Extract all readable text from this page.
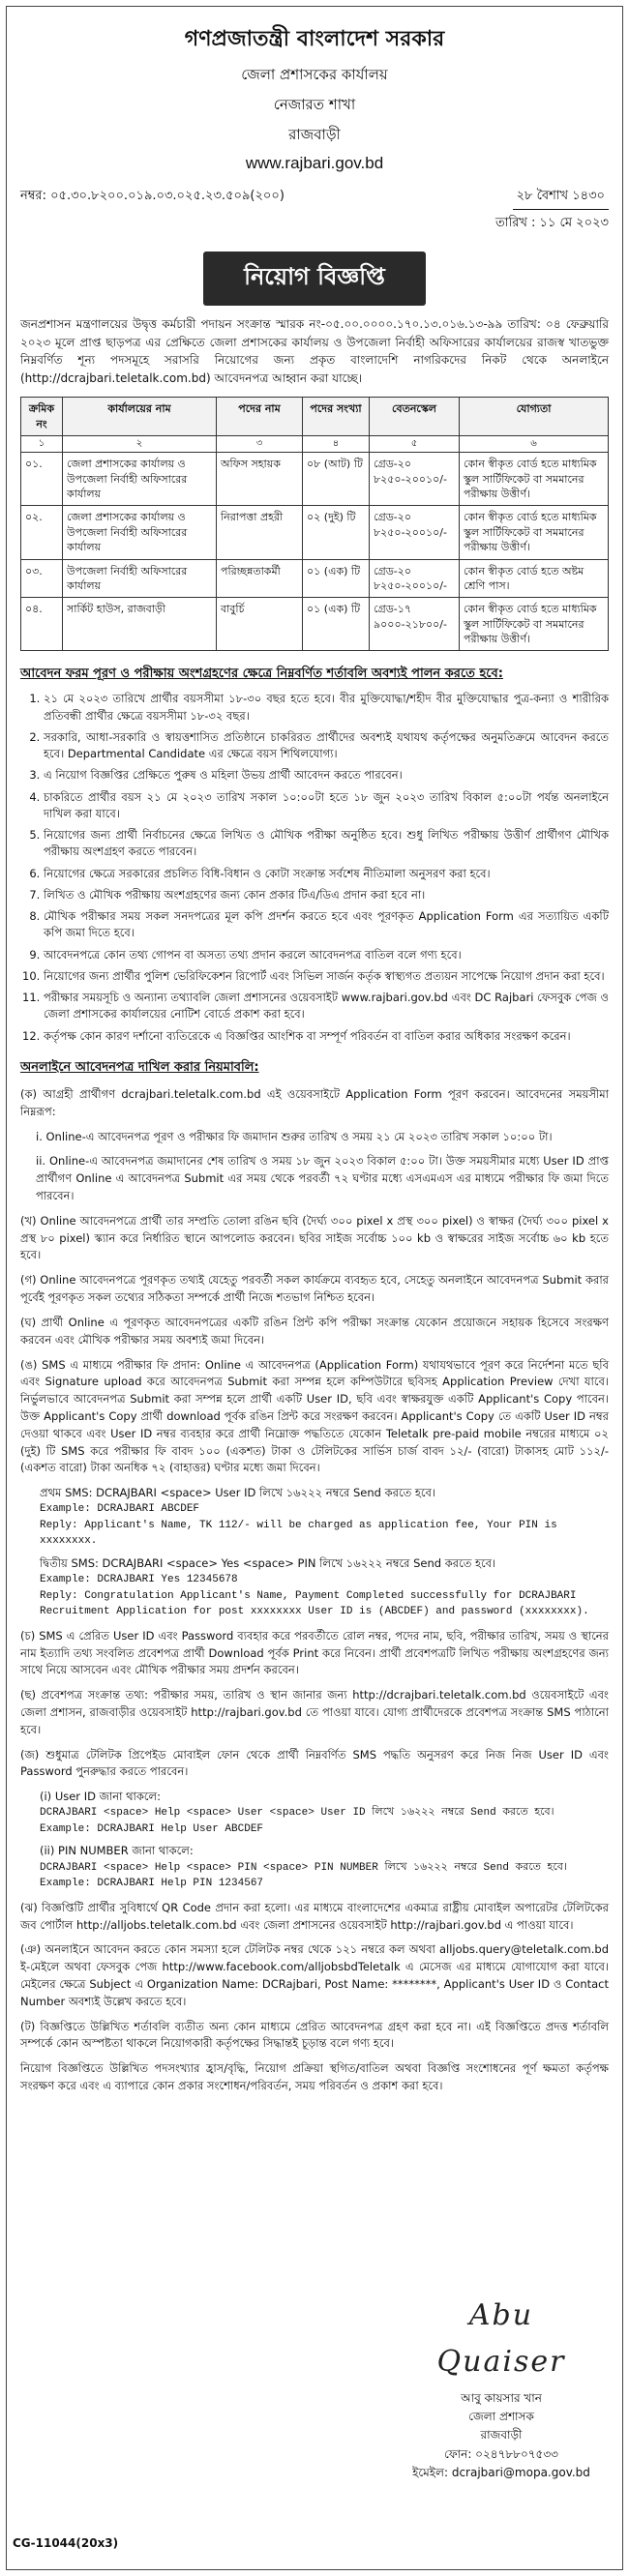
গণপ্রজাতন্ত্রী বাংলাদেশ সরকার
জেলা প্রশাসকের কার্যালয়
নেজারত শাখা
রাজবাড়ী
www.rajbari.gov.bd
নম্বর: ০৫.৩০.৮২০০.০১৯.০৩.০২৫.২৩.৫০৯(২০০)	২৮ বৈশাখ ১৪৩০
তারিখ : ১১ মে ২০২৩
নিয়োগ বিজ্ঞপ্তি

জনপ্রশাসন মন্ত্রণালয়ের উদ্বৃত্ত কর্মচারী পদায়ন সংক্রান্ত স্মারক নং-০৫.০০.০০০০.১৭০.১৩.০১৬.১৩-৯৯ তারিখ: ০৪ ফেব্রুয়ারি ২০২৩ মূলে প্রাপ্ত ছাড়পত্র এর প্রেক্ষিতে জেলা প্রশাসকের কার্যালয় ও উপজেলা নির্বাহী অফিসারের কার্যালয়ের রাজস্ব খাতভুক্ত নিম্নবর্ণিত শূন্য পদসমূহে সরাসরি নিয়োগের জন্য প্রকৃত বাংলাদেশি নাগরিকদের নিকট থেকে অনলাইনে (http://dcrajbari.teletalk.com.bd) আবেদনপত্র আহ্বান করা যাচ্ছে।

ক্রমিক নং	কার্যালয়ের নাম	পদের নাম	পদের সংখ্যা	বেতনস্কেল	যোগ্যতা
১	২	৩	৪	৫	৬
০১.	জেলা প্রশাসকের কার্যালয় ও উপজেলা নির্বাহী অফিসারের কার্যালয়	অফিস সহায়ক	০৮ (আট) টি	গ্রেড-২০ ৮২৫০-২০০১০/-	কোন স্বীকৃত বোর্ড হতে মাধ্যমিক স্কুল সার্টিফিকেট বা সমমানের পরীক্ষায় উত্তীর্ণ।
০২.	জেলা প্রশাসকের কার্যালয় ও উপজেলা নির্বাহী অফিসারের কার্যালয়	নিরাপত্তা প্রহরী	০২ (দুই) টি	গ্রেড-২০ ৮২৫০-২০০১০/-	কোন স্বীকৃত বোর্ড হতে মাধ্যমিক স্কুল সার্টিফিকেট বা সমমানের পরীক্ষায় উত্তীর্ণ।
০৩.	উপজেলা নির্বাহী অফিসারের কার্যালয়	পরিচ্ছন্নতাকর্মী	০১ (এক) টি	গ্রেড-২০ ৮২৫০-২০০১০/-	কোন স্বীকৃত বোর্ড হতে অষ্টম শ্রেণি পাস।
০৪.	সার্কিট হাউস, রাজবাড়ী	বাবুর্চি	০১ (এক) টি	গ্রেড-১৭ ৯০০০-২১৮০০/-	কোন স্বীকৃত বোর্ড হতে মাধ্যমিক স্কুল সার্টিফিকেট বা সমমানের পরীক্ষায় উত্তীর্ণ।
আবেদন ফরম পূরণ ও পরীক্ষায় অংশগ্রহণের ক্ষেত্রে নিম্নবর্ণিত শর্তাবলি অবশ্যই পালন করতে হবে:
1. ২১ মে ২০২৩ তারিখে প্রার্থীর বয়সসীমা ১৮-৩০ বছর হতে হবে। বীর মুক্তিযোদ্ধা/শহীদ বীর মুক্তিযোদ্ধার পুত্র-কন্যা ও শারীরিক প্রতিবন্ধী প্রার্থীর ক্ষেত্রে বয়সসীমা ১৮-৩২ বছর।
2. সরকারি, আধা-সরকারি ও স্বায়ত্তশাসিত প্রতিষ্ঠানে চাকরিরত প্রার্থীদের অবশ্যই যথাযথ কর্তৃপক্ষের অনুমতিক্রমে আবেদন করতে হবে। Departmental Candidate এর ক্ষেত্রে বয়স শিথিলযোগ্য।
3. এ নিয়োগ বিজ্ঞপ্তির প্রেক্ষিতে পুরুষ ও মহিলা উভয় প্রার্থী আবেদন করতে পারবেন।
4. চাকরিতে প্রার্থীর বয়স ২১ মে ২০২৩ তারিখ সকাল ১০:০০টা হতে ১৮ জুন ২০২৩ তারিখ বিকাল ৫:০০টা পর্যন্ত অনলাইনে দাখিল করা যাবে।
5. নিয়োগের জন্য প্রার্থী নির্বাচনের ক্ষেত্রে লিখিত ও মৌখিক পরীক্ষা অনুষ্ঠিত হবে। শুধু লিখিত পরীক্ষায় উত্তীর্ণ প্রার্থীগণ মৌখিক পরীক্ষায় অংশগ্রহণ করতে পারবেন।
6. নিয়োগের ক্ষেত্রে সরকারের প্রচলিত বিধি-বিধান ও কোটা সংক্রান্ত সর্বশেষ নীতিমালা অনুসরণ করা হবে।
7. লিখিত ও মৌখিক পরীক্ষায় অংশগ্রহণের জন্য কোন প্রকার টিএ/ডিএ প্রদান করা হবে না।
8. মৌখিক পরীক্ষার সময় সকল সনদপত্রের মূল কপি প্রদর্শন করতে হবে এবং পূরণকৃত Application Form এর সত্যায়িত একটি কপি জমা দিতে হবে।
9. আবেদনপত্রে কোন তথ্য গোপন বা অসত্য তথ্য প্রদান করলে আবেদনপত্র বাতিল বলে গণ্য হবে।
10. নিয়োগের জন্য প্রার্থীর পুলিশ ভেরিফিকেশন রিপোর্ট এবং সিভিল সার্জন কর্তৃক স্বাস্থ্যগত প্রত্যয়ন সাপেক্ষে নিয়োগ প্রদান করা হবে।
11. পরীক্ষার সময়সূচি ও অন্যান্য তথ্যাবলি জেলা প্রশাসনের ওয়েবসাইট www.rajbari.gov.bd এবং DC Rajbari ফেসবুক পেজ ও জেলা প্রশাসকের কার্যালয়ের নোটিশ বোর্ডে প্রকাশ করা হবে।
12. কর্তৃপক্ষ কোন কারণ দর্শানো ব্যতিরেকে এ বিজ্ঞপ্তির আংশিক বা সম্পূর্ণ পরিবর্তন বা বাতিল করার অধিকার সংরক্ষণ করেন।
অনলাইনে আবেদনপত্র দাখিল করার নিয়মাবলি:
(ক) আগ্রহী প্রার্থীগণ dcrajbari.teletalk.com.bd এই ওয়েবসাইটে Application Form পূরণ করবেন। আবেদনের সময়সীমা নিম্নরূপ:
i. Online-এ আবেদনপত্র পূরণ ও পরীক্ষার ফি জমাদান শুরুর তারিখ ও সময় ২১ মে ২০২৩ তারিখ সকাল ১০:০০ টা।
ii. Online-এ আবেদনপত্র জমাদানের শেষ তারিখ ও সময় ১৮ জুন ২০২৩ বিকাল ৫:০০ টা। উক্ত সময়সীমার মধ্যে User ID প্রাপ্ত প্রার্থীগণ Online এ আবেদনপত্র Submit এর সময় থেকে পরবর্তী ৭২ ঘণ্টার মধ্যে এসএমএস এর মাধ্যমে পরীক্ষার ফি জমা দিতে পারবেন।
(খ) Online আবেদনপত্রে প্রার্থী তার সম্প্রতি তোলা রঙিন ছবি (দৈর্ঘ্য ৩০০ pixel x প্রস্থ ৩০০ pixel) ও স্বাক্ষর (দৈর্ঘ্য ৩০০ pixel x প্রস্থ ৮০ pixel) স্ক্যান করে নির্ধারিত স্থানে আপলোড করবেন। ছবির সাইজ সর্বোচ্চ ১০০ kb ও স্বাক্ষরের সাইজ সর্বোচ্চ ৬০ kb হতে হবে।
(গ) Online আবেদনপত্রে পূরণকৃত তথ্যই যেহেতু পরবর্তী সকল কার্যক্রমে ব্যবহৃত হবে, সেহেতু অনলাইনে আবেদনপত্র Submit করার পূর্বেই পূরণকৃত সকল তথ্যের সঠিকতা সম্পর্কে প্রার্থী নিজে শতভাগ নিশ্চিত হবেন।
(ঘ) প্রার্থী Online এ পূরণকৃত আবেদনপত্রের একটি রঙিন প্রিন্ট কপি পরীক্ষা সংক্রান্ত যেকোন প্রয়োজনে সহায়ক হিসেবে সংরক্ষণ করবেন এবং মৌখিক পরীক্ষার সময় অবশ্যই জমা দিবেন।
(ঙ) SMS এ মাধ্যমে পরীক্ষার ফি প্রদান: Online এ আবেদনপত্র (Application Form) যথাযথভাবে পূরণ করে নির্দেশনা মতে ছবি এবং Signature upload করে আবেদনপত্র Submit করা সম্পন্ন হলে কম্পিউটারে ছবিসহ Application Preview দেখা যাবে। নির্ভুলভাবে আবেদনপত্র Submit করা সম্পন্ন হলে প্রার্থী একটি User ID, ছবি এবং স্বাক্ষরযুক্ত একটি Applicant's Copy পাবেন। উক্ত Applicant's Copy প্রার্থী download পূর্বক রঙিন প্রিন্ট করে সংরক্ষণ করবেন। Applicant's Copy তে একটি User ID নম্বর দেওয়া থাকবে এবং User ID নম্বর ব্যবহার করে প্রার্থী নিম্নোক্ত পদ্ধতিতে যেকোন Teletalk pre-paid mobile নম্বরের মাধ্যমে ০২ (দুই) টি SMS করে পরীক্ষার ফি বাবদ ১০০ (একশত) টাকা ও টেলিটকের সার্ভিস চার্জ বাবদ ১২/- (বারো) টাকাসহ মোট ১১২/- (একশত বারো) টাকা অনধিক ৭২ (বাহাত্তর) ঘণ্টার মধ্যে জমা দিবেন।
প্রথম SMS: DCRAJBARI <space> User ID লিখে ১৬২২২ নম্বরে Send করতে হবে।
Example: DCRAJBARI ABCDEF
Reply: Applicant's Name, TK 112/- will be charged as application fee, Your PIN is xxxxxxxx.
দ্বিতীয় SMS: DCRAJBARI <space> Yes <space> PIN লিখে ১৬২২২ নম্বরে Send করতে হবে।
Example: DCRAJBARI Yes 12345678
Reply: Congratulation Applicant's Name, Payment Completed successfully for DCRAJBARI Recruitment Application for post xxxxxxxx User ID is (ABCDEF) and password (xxxxxxxx).
(চ) SMS এ প্রেরিত User ID এবং Password ব্যবহার করে পরবর্তীতে রোল নম্বর, পদের নাম, ছবি, পরীক্ষার তারিখ, সময় ও স্থানের নাম ইত্যাদি তথ্য সংবলিত প্রবেশপত্র প্রার্থী Download পূর্বক Print করে নিবেন। প্রার্থী প্রবেশপত্রটি লিখিত পরীক্ষায় অংশগ্রহণের জন্য সাথে নিয়ে আসবেন এবং মৌখিক পরীক্ষার সময় প্রদর্শন করবেন।
(ছ) প্রবেশপত্র সংক্রান্ত তথ্য: পরীক্ষার সময়, তারিখ ও স্থান জানার জন্য http://dcrajbari.teletalk.com.bd ওয়েবসাইটে এবং জেলা প্রশাসন, রাজবাড়ীর ওয়েবসাইট http://rajbari.gov.bd তে পাওয়া যাবে। যোগ্য প্রার্থীদেরকে প্রবেশপত্র সংক্রান্ত SMS পাঠানো হবে।
(জ) শুধুমাত্র টেলিটক প্রিপেইড মোবাইল ফোন থেকে প্রার্থী নিম্নবর্ণিত SMS পদ্ধতি অনুসরণ করে নিজ নিজ User ID এবং Password পুনরুদ্ধার করতে পারবেন।
(i) User ID জানা থাকলে:
DCRAJBARI <space> Help <space> User <space> User ID লিখে ১৬২২২ নম্বরে Send করতে হবে।
Example: DCRAJBARI Help User ABCDEF
(ii) PIN NUMBER জানা থাকলে:
DCRAJBARI <space> Help <space> PIN <space> PIN NUMBER লিখে ১৬২২২ নম্বরে Send করতে হবে।
Example: DCRAJBARI Help PIN 1234567
(ঝ) বিজ্ঞপ্তিটি প্রার্থীর সুবিধার্থে QR Code প্রদান করা হলো। এর মাধ্যমে বাংলাদেশের একমাত্র রাষ্ট্রীয় মোবাইল অপারেটর টেলিটকের জব পোর্টাল http://alljobs.teletalk.com.bd এবং জেলা প্রশাসনের ওয়েবসাইট http://rajbari.gov.bd এ পাওয়া যাবে।
(ঞ) অনলাইনে আবেদন করতে কোন সমস্যা হলে টেলিটক নম্বর থেকে ১২১ নম্বরে কল অথবা alljobs.query@teletalk.com.bd ই-মেইলে অথবা ফেসবুক পেজ http://www.facebook.com/alljobsbdTeletalk এ মেসেজ এর মাধ্যমে যোগাযোগ করা যাবে। মেইলের ক্ষেত্রে Subject এ Organization Name: DCRajbari, Post Name: ********, Applicant's User ID ও Contact Number অবশ্যই উল্লেখ করতে হবে।
(ট) বিজ্ঞপ্তিতে উল্লিখিত শর্তাবলি ব্যতীত অন্য কোন মাধ্যমে প্রেরিত আবেদনপত্র গ্রহণ করা হবে না। এই বিজ্ঞপ্তিতে প্রদত্ত শর্তাবলি সম্পর্কে কোন অস্পষ্টতা থাকলে নিয়োগকারী কর্তৃপক্ষের সিদ্ধান্তই চূড়ান্ত বলে গণ্য হবে।
নিয়োগ বিজ্ঞপ্তিতে উল্লিখিত পদসংখ্যার হ্রাস/বৃদ্ধি, নিয়োগ প্রক্রিয়া স্থগিত/বাতিল অথবা বিজ্ঞপ্তি সংশোধনের পূর্ণ ক্ষমতা কর্তৃপক্ষ সংরক্ষণ করে এবং এ ব্যাপারে কোন প্রকার সংশোধন/পরিবর্তন, সময় পরিবর্তন ও প্রকাশ করা হবে।
Abu Quaiser
আবু কায়সার খান
জেলা প্রশাসক
রাজবাড়ী
ফোন: ০২৪৭৮৮০৭৫৩৩
ইমেইল: dcrajbari@mopa.gov.bd
CG-11044(20x3)
